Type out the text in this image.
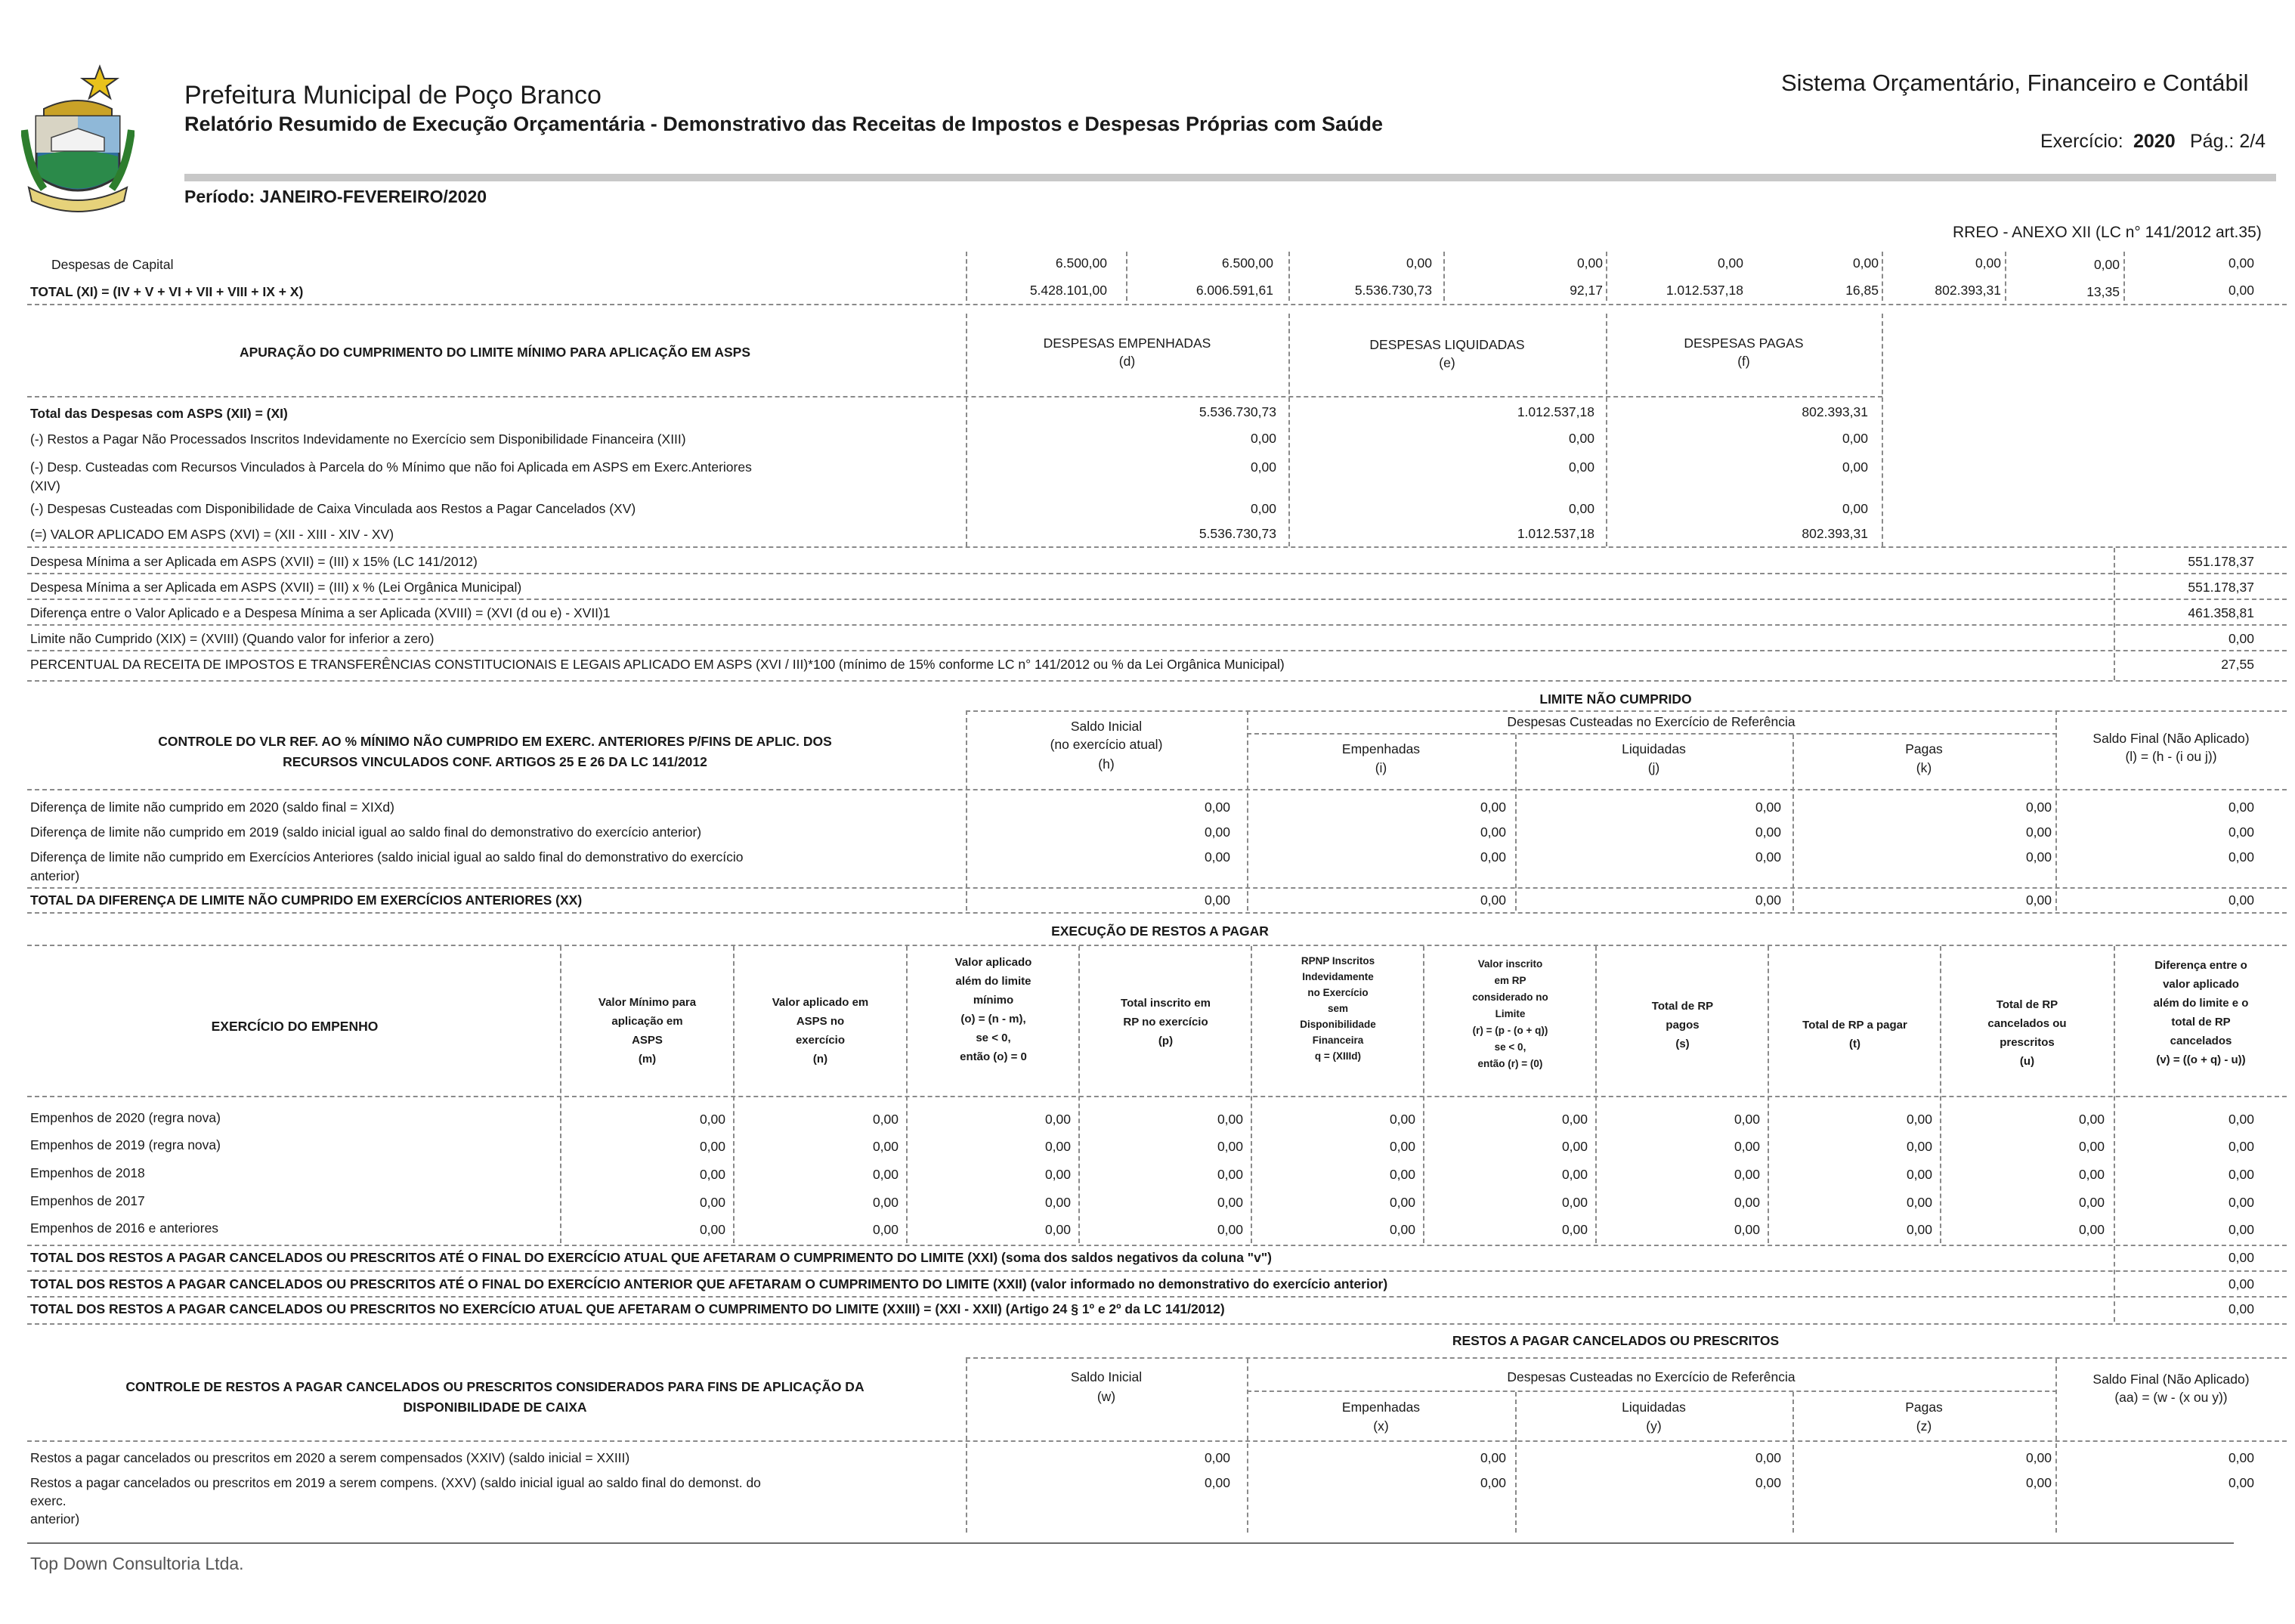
Prefeitura Municipal de Poço Branco
Relatório Resumido de Execução Orçamentária - Demonstrativo das Receitas de Impostos e Despesas Próprias com Saúde
Sistema Orçamentário, Financeiro e Contábil
Exercício: 2020 Pág.: 2/4
Período: JANEIRO-FEVEREIRO/2020
RREO - ANEXO XII (LC n° 141/2012 art.35)
Despesas de Capital	6.500,00	6.500,00	0,00	0,00	0,00	0,00	0,00	0,00	0,00
TOTAL (XI) = (IV + V + VI + VII + VIII + IX + X)	5.428.101,00	6.006.591,61	5.536.730,73	92,17	1.012.537,18	16,85	802.393,31	13,35	0,00
APURAÇÃO DO CUMPRIMENTO DO LIMITE MÍNIMO PARA APLICAÇÃO EM ASPS
DESPESAS EMPENHADAS
(d)
DESPESAS LIQUIDADAS
(e)
DESPESAS PAGAS
(f)
Total das Despesas com ASPS (XII) = (XI)	5.536.730,73	1.012.537,18	802.393,31
(-) Restos a Pagar Não Processados Inscritos Indevidamente no Exercício sem Disponibilidade Financeira (XIII)	0,00	0,00	0,00
(-) Desp. Custeadas com Recursos Vinculados à Parcela do % Mínimo que não foi Aplicada em ASPS em Exerc.Anteriores
(XIV)
0,00	0,00	0,00
(-) Despesas Custeadas com Disponibilidade de Caixa Vinculada aos Restos a Pagar Cancelados (XV)	0,00	0,00	0,00
(=) VALOR APLICADO EM ASPS (XVI) = (XII - XIII - XIV - XV)	5.536.730,73	1.012.537,18	802.393,31
Despesa Mínima a ser Aplicada em ASPS (XVII) = (III) x 15% (LC 141/2012)	551.178,37
Despesa Mínima a ser Aplicada em ASPS (XVII) = (III) x % (Lei Orgânica Municipal)	551.178,37
Diferença entre o Valor Aplicado e a Despesa Mínima a ser Aplicada (XVIII) = (XVI (d ou e) - XVII)1	461.358,81
Limite não Cumprido (XIX) = (XVIII) (Quando valor for inferior a zero)	0,00
PERCENTUAL DA RECEITA DE IMPOSTOS E TRANSFERÊNCIAS CONSTITUCIONAIS E LEGAIS APLICADO EM ASPS (XVI / III)*100 (mínimo de 15% conforme LC n° 141/2012 ou % da Lei Orgânica Municipal)	27,55
LIMITE NÃO CUMPRIDO
Despesas Custeadas no Exercício de Referência
CONTROLE DO VLR REF. AO % MÍNIMO NÃO CUMPRIDO EM EXERC. ANTERIORES P/FINS DE APLIC. DOS
RECURSOS VINCULADOS CONF. ARTIGOS 25 E 26 DA LC 141/2012
Saldo Inicial
(no exercício atual)
(h)
Empenhadas
(i)
Liquidadas
(j)
Pagas
(k)
Saldo Final (Não Aplicado)
(l) = (h - (i ou j))
Diferença de limite não cumprido em 2020 (saldo final = XIXd)	0,00	0,00	0,00	0,00	0,00
Diferença de limite não cumprido em 2019 (saldo inicial igual ao saldo final do demonstrativo do exercício anterior)	0,00	0,00	0,00	0,00	0,00
Diferença de limite não cumprido em Exercícios Anteriores (saldo inicial igual ao saldo final do demonstrativo do exercício
anterior)
0,00	0,00	0,00	0,00	0,00
TOTAL DA DIFERENÇA DE LIMITE NÃO CUMPRIDO EM EXERCÍCIOS ANTERIORES (XX)	0,00	0,00	0,00	0,00	0,00
EXECUÇÃO DE RESTOS A PAGAR
EXERCÍCIO DO EMPENHO
Valor Mínimo para
aplicação em
ASPS
(m)
Valor aplicado em
ASPS no
exercício
(n)
Valor aplicado
além do limite
mínimo
(o) = (n - m),
se < 0,
então (o) = 0
Total inscrito em
RP no exercício
(p)
RPNP Inscritos
Indevidamente
no Exercício
sem
Disponibilidade
Financeira
q = (XIIId)
Valor inscrito
em RP
considerado no
Limite
(r) = (p - (o + q))
se < 0,
então (r) = (0)
Total de RP
pagos
(s)
Total de RP a pagar
(t)
Total de RP
cancelados ou
prescritos
(u)
Diferença entre o
valor aplicado
além do limite e o
total de RP
cancelados
(v) = ((o + q) - u))
Empenhos de 2020 (regra nova)	0,00	0,00	0,00	0,00	0,00	0,00	0,00	0,00	0,00	0,00
Empenhos de 2019 (regra nova)	0,00	0,00	0,00	0,00	0,00	0,00	0,00	0,00	0,00	0,00
Empenhos de 2018	0,00	0,00	0,00	0,00	0,00	0,00	0,00	0,00	0,00	0,00
Empenhos de 2017	0,00	0,00	0,00	0,00	0,00	0,00	0,00	0,00	0,00	0,00
Empenhos de 2016 e anteriores	0,00	0,00	0,00	0,00	0,00	0,00	0,00	0,00	0,00	0,00
TOTAL DOS RESTOS A PAGAR CANCELADOS OU PRESCRITOS ATÉ O FINAL DO EXERCÍCIO ATUAL QUE AFETARAM O CUMPRIMENTO DO LIMITE (XXI) (soma dos saldos negativos da coluna "v")	0,00
TOTAL DOS RESTOS A PAGAR CANCELADOS OU PRESCRITOS ATÉ O FINAL DO EXERCÍCIO ANTERIOR QUE AFETARAM O CUMPRIMENTO DO LIMITE (XXII) (valor informado no demonstrativo do exercício anterior)	0,00
TOTAL DOS RESTOS A PAGAR CANCELADOS OU PRESCRITOS NO EXERCÍCIO ATUAL QUE AFETARAM O CUMPRIMENTO DO LIMITE (XXIII) = (XXI - XXII) (Artigo 24 § 1º e 2º da LC 141/2012)	0,00
RESTOS A PAGAR CANCELADOS OU PRESCRITOS
Despesas Custeadas no Exercício de Referência
CONTROLE DE RESTOS A PAGAR CANCELADOS OU PRESCRITOS CONSIDERADOS PARA FINS DE APLICAÇÃO DA
DISPONIBILIDADE DE CAIXA
Saldo Inicial
(w)
Empenhadas
(x)
Liquidadas
(y)
Pagas
(z)
Saldo Final (Não Aplicado)
(aa) = (w - (x ou y))
Restos a pagar cancelados ou prescritos em 2020 a serem compensados (XXIV) (saldo inicial = XXIII)	0,00	0,00	0,00	0,00	0,00
Restos a pagar cancelados ou prescritos em 2019 a serem compens. (XXV) (saldo inicial igual ao saldo final do demonst. do
exerc.
anterior)
0,00	0,00	0,00	0,00	0,00
Top Down Consultoria Ltda.
